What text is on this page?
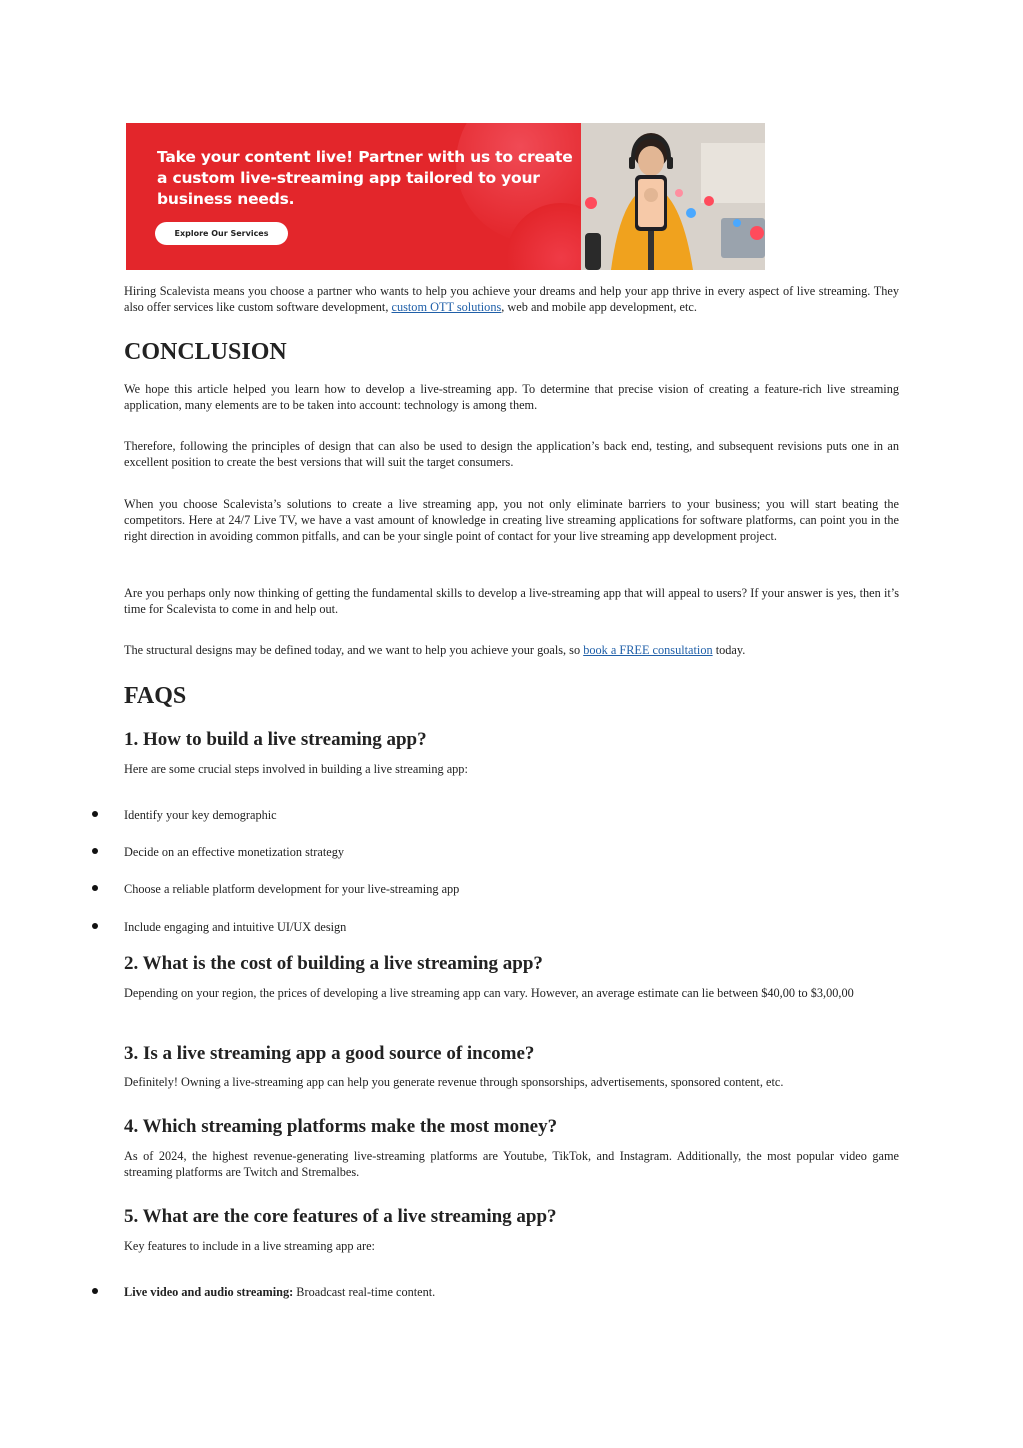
Take your content live! Partner with us to create a custom live-streaming app tailored to your business needs.
Explore Our Services

Hiring Scalevista means you choose a partner who wants to help you achieve your dreams and help your app thrive in every aspect of live streaming. They also offer services like custom software development, custom OTT solutions, web and mobile app development, etc.

CONCLUSION

We hope this article helped you learn how to develop a live-streaming app. To determine that precise vision of creating a feature-rich live streaming application, many elements are to be taken into account: technology is among them.

Therefore, following the principles of design that can also be used to design the application’s back end, testing, and subsequent revisions puts one in an excellent position to create the best versions that will suit the target consumers.

When you choose Scalevista’s solutions to create a live streaming app, you not only eliminate barriers to your business; you will start beating the competitors. Here at 24/7 Live TV, we have a vast amount of knowledge in creating live streaming applications for software platforms, can point you in the right direction in avoiding common pitfalls, and can be your single point of contact for your live streaming app development project.

Are you perhaps only now thinking of getting the fundamental skills to develop a live-streaming app that will appeal to users? If your answer is yes, then it’s time for Scalevista to come in and help out.

The structural designs may be defined today, and we want to help you achieve your goals, so book a FREE consultation today.

FAQS
1. How to build a live streaming app?

Here are some crucial steps involved in building a live streaming app:

Identify your key demographic

Decide on an effective monetization strategy

Choose a reliable platform development for your live-streaming app

Include engaging and intuitive UI/UX design

2. What is the cost of building a live streaming app?

Depending on your region, the prices of developing a live streaming app can vary. However, an average estimate can lie between $40,00 to $3,00,00

3. Is a live streaming app a good source of income?

Definitely! Owning a live-streaming app can help you generate revenue through sponsorships, advertisements, sponsored content, etc.

4. Which streaming platforms make the most money?

As of 2024, the highest revenue-generating live-streaming platforms are Youtube, TikTok, and Instagram. Additionally, the most popular video game streaming platforms are Twitch and Stremalbes.

5. What are the core features of a live streaming app?

Key features to include in a live streaming app are:

Live video and audio streaming: Broadcast real-time content.
